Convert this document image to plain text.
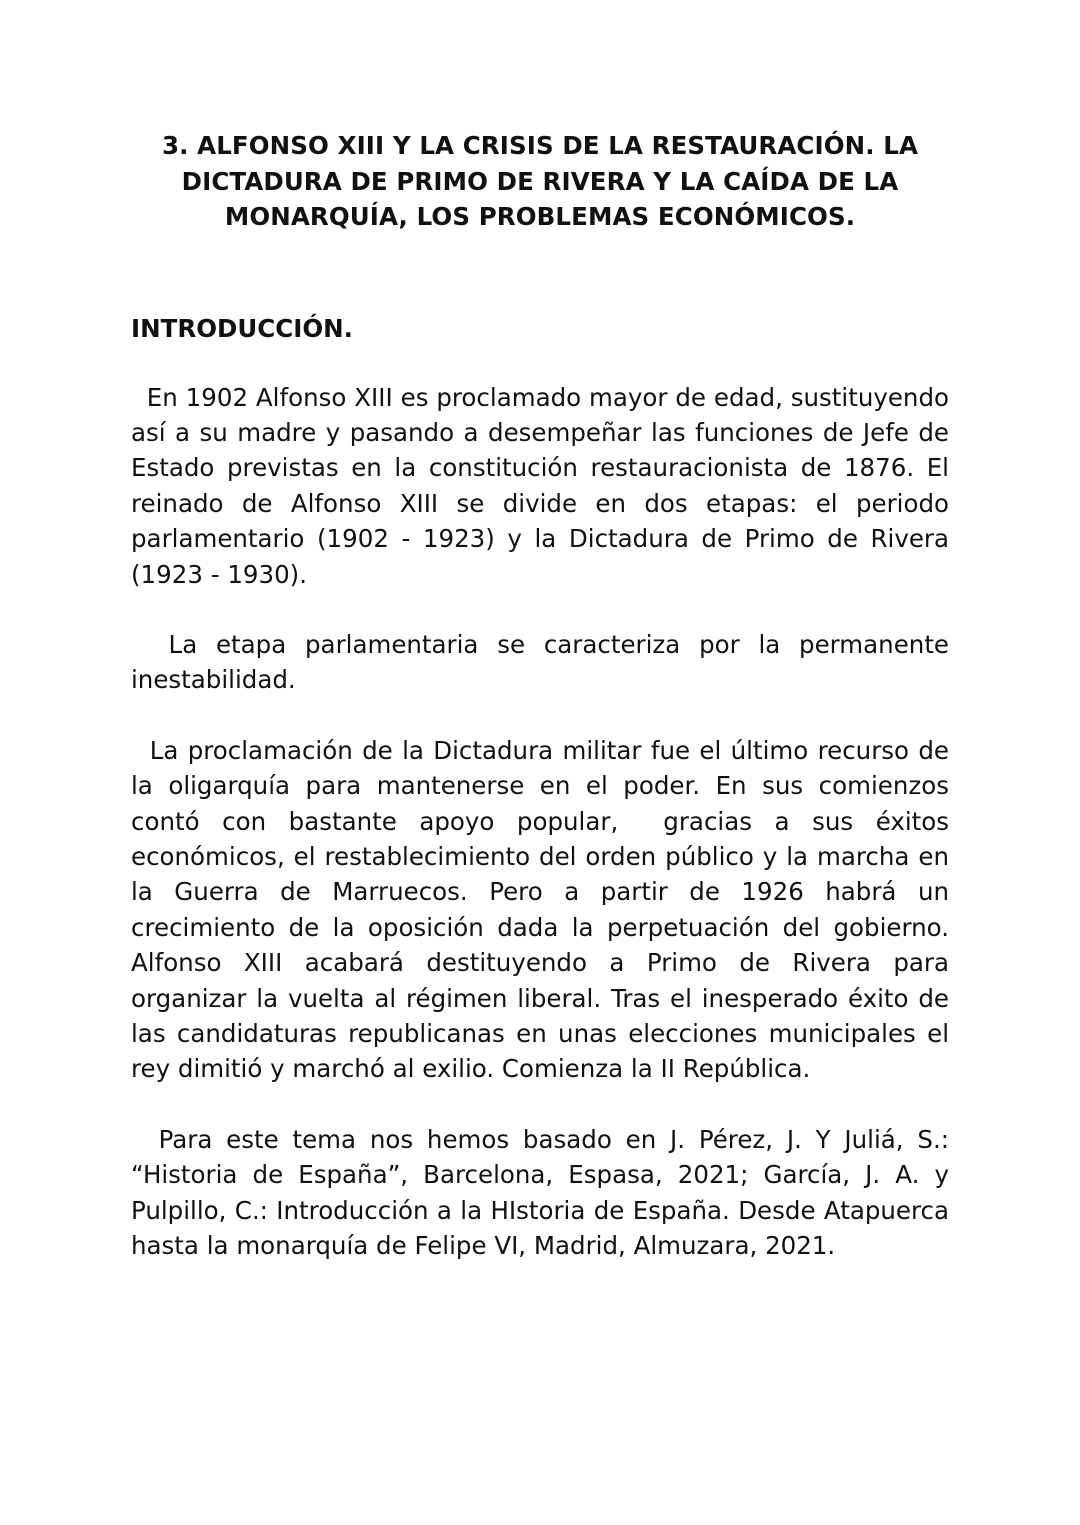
3. ALFONSO XIII Y LA CRISIS DE LA RESTAURACIÓN. LA
DICTADURA DE PRIMO DE RIVERA Y LA CAÍDA DE LA
MONARQUÍA, LOS PROBLEMAS ECONÓMICOS.
INTRODUCCIÓN.

En 1902 Alfonso XIII es proclamado mayor de edad, sustituyendo así a su madre y pasando a desempeñar las funciones de Jefe de Estado previstas en la constitución restauracionista de 1876. El reinado de Alfonso XIII se divide en dos etapas: el periodo parlamentario (1902 - 1923) y la Dictadura de Primo de Rivera (1923 - 1930).

La etapa parlamentaria se caracteriza por la permanente inestabilidad.

La proclamación de la Dictadura militar fue el último recurso de la oligarquía para mantenerse en el poder. En sus comienzos contó con bastante apoyo popular,  gracias a sus éxitos económicos, el restablecimiento del orden público y la marcha en la Guerra de Marruecos. Pero a partir de 1926 habrá un crecimiento de la oposición dada la perpetuación del gobierno. Alfonso XIII acabará destituyendo a Primo de Rivera para organizar la vuelta al régimen liberal. Tras el inesperado éxito de las candidaturas republicanas en unas elecciones municipales el rey dimitió y marchó al exilio. Comienza la II República.

Para este tema nos hemos basado en J. Pérez, J. Y Juliá, S.: “Historia de España”, Barcelona, Espasa, 2021; García, J. A. y Pulpillo, C.: Introducción a la HIstoria de España. Desde Atapuerca hasta la monarquía de Felipe VI, Madrid, Almuzara, 2021.
